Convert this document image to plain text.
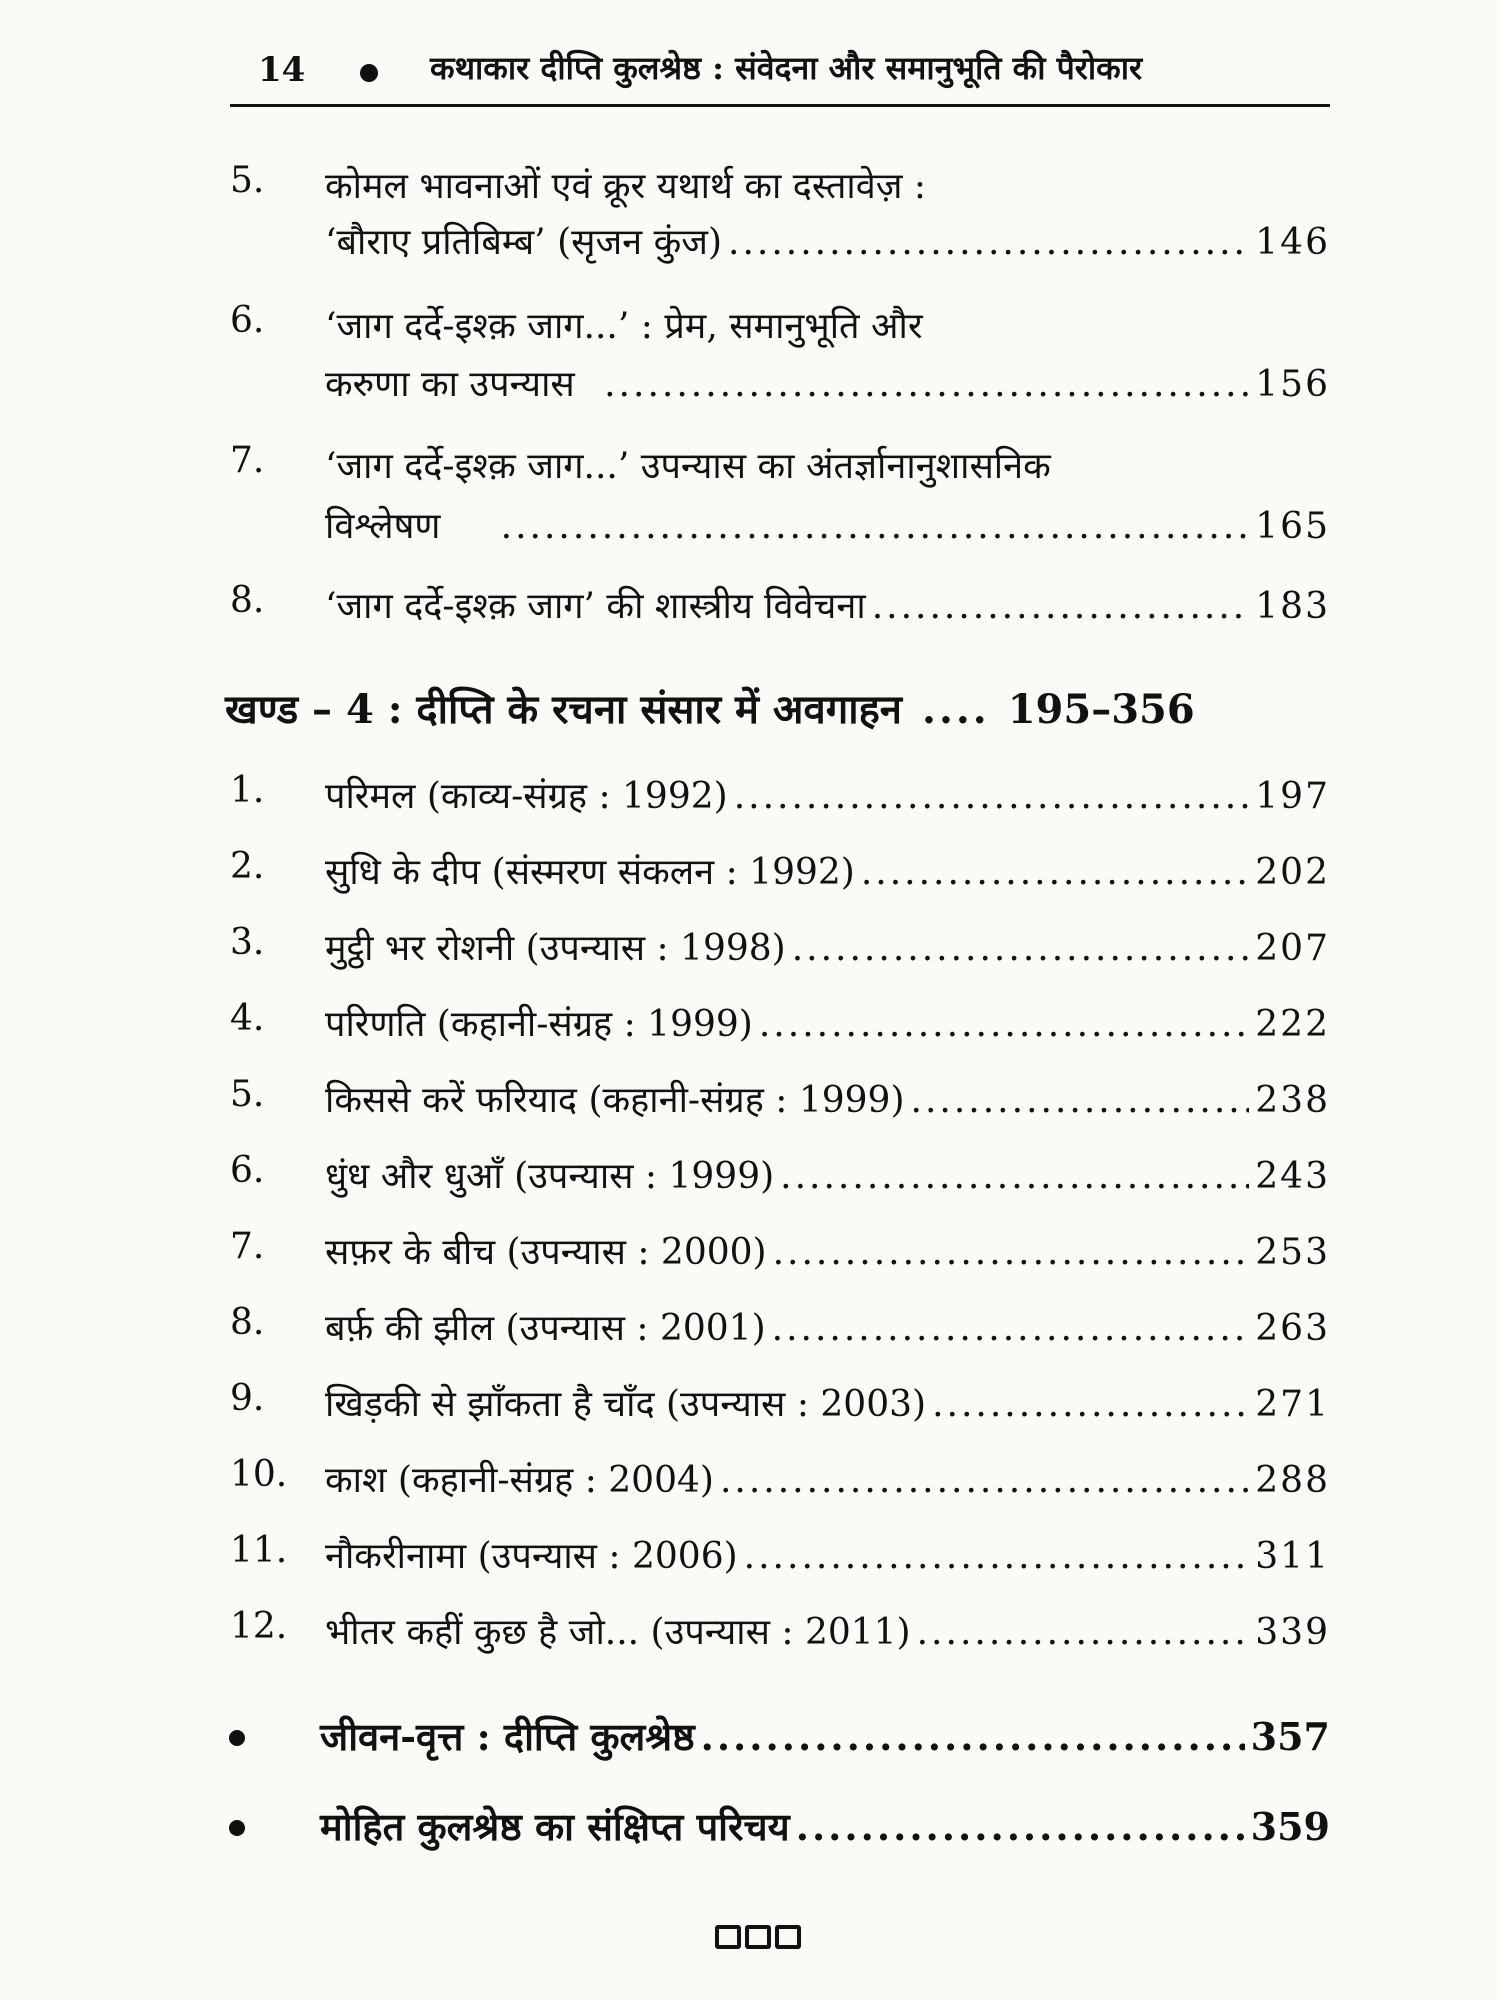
14	कथाकार दीप्ति कुलश्रेष्ठ : संवेदना और समानुभूति की पैरोकार
5. कोमल भावनाओं एवं क्रूर यथार्थ का दस्तावेज़ :
‘बौराए प्रतिबिम्ब’ (सृजन कुंज) .....	146
6. ‘जाग दर्दे-इश्क़ जाग...’ : प्रेम, समानुभूति और
करुणा का उपन्यास .....	156
7. ‘जाग दर्दे-इश्क़ जाग...’ उपन्यास का अंतर्ज्ञानानुशासनिक
विश्लेषण .....	165
8. ‘जाग दर्दे-इश्क़ जाग’ की शास्त्रीय विवेचना .....	183
खण्ड – 4 : दीप्ति के रचना संसार में अवगाहन .... 195–356
1. परिमल (काव्य-संग्रह : 1992) .....	197
2. सुधि के दीप (संस्मरण संकलन : 1992) .....	202
3. मुट्ठी भर रोशनी (उपन्यास : 1998) .....	207
4. परिणति (कहानी-संग्रह : 1999) .....	222
5. किससे करें फरियाद (कहानी-संग्रह : 1999) .....	238
6. धुंध और धुआँ (उपन्यास : 1999) .....	243
7. सफ़र के बीच (उपन्यास : 2000) .....	253
8. बर्फ़ की झील (उपन्यास : 2001) .....	263
9. खिड़की से झाँकता है चाँद (उपन्यास : 2003) .....	271
10. काश (कहानी-संग्रह : 2004) .....	288
11. नौकरीनामा (उपन्यास : 2006) .....	311
12. भीतर कहीं कुछ है जो... (उपन्यास : 2011) .....	339
जीवन-वृत्त : दीप्ति कुलश्रेष्ठ .....	357
मोहित कुलश्रेष्ठ का संक्षिप्त परिचय .....	359
